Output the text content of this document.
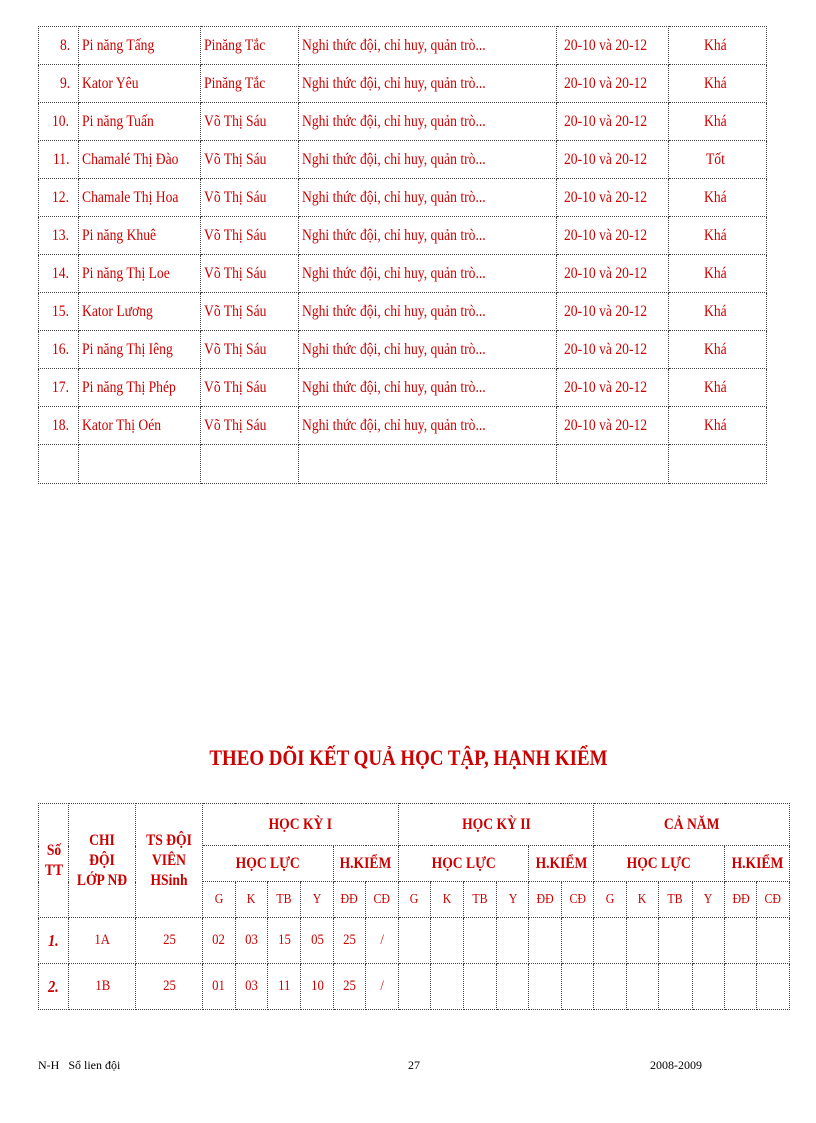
8.	Pi năng Tấng	Pinăng Tắc	Nghi thức đội, chỉ huy, quản trò...	20-10 và 20-12	Khá
9.	Kator Yêu	Pinăng Tắc	Nghi thức đội, chỉ huy, quản trò...	20-10 và 20-12	Khá
10.	Pi năng Tuấn	Võ Thị Sáu	Nghi thức đội, chỉ huy, quản trò...	20-10 và 20-12	Khá
11.	Chamalé Thị Đào	Võ Thị Sáu	Nghi thức đội, chỉ huy, quản trò...	20-10 và 20-12	Tốt
12.	Chamale Thị Hoa	Võ Thị Sáu	Nghi thức đội, chỉ huy, quản trò...	20-10 và 20-12	Khá
13.	Pi năng Khuê	Võ Thị Sáu	Nghi thức đội, chỉ huy, quản trò...	20-10 và 20-12	Khá
14.	Pi năng Thị Loe	Võ Thị Sáu	Nghi thức đội, chỉ huy, quản trò...	20-10 và 20-12	Khá
15.	Kator Lương	Võ Thị Sáu	Nghi thức đội, chỉ huy, quản trò...	20-10 và 20-12	Khá
16.	Pi năng Thị Iêng	Võ Thị Sáu	Nghi thức đội, chỉ huy, quản trò...	20-10 và 20-12	Khá
17.	Pi năng Thị Phép	Võ Thị Sáu	Nghi thức đội, chỉ huy, quản trò...	20-10 và 20-12	Khá
18.	Kator Thị Oén	Võ Thị Sáu	Nghi thức đội, chỉ huy, quản trò...	20-10 và 20-12	Khá

THEO DÕI KẾT QUẢ HỌC TẬP, HẠNH KIỂM
Số TT	CHI ĐỘI LỚP NĐ	TS ĐỘI VIÊN HSinh	HỌC KỲ I						HỌC KỲ II						CẢ NĂM					
			HỌC LỰC				H.KIỂM		HỌC LỰC				H.KIỂM		HỌC LỰC				H.KIỂM	
			G	K	TB	Y	ĐĐ	CĐ	G	K	TB	Y	ĐĐ	CĐ	G	K	TB	Y	ĐĐ	CĐ
1.	1A	25	02	03	15	05	25	/												
2.	1B	25	01	03	11	10	25	/												
N-H   Sổ lien đội	27	2008-2009
